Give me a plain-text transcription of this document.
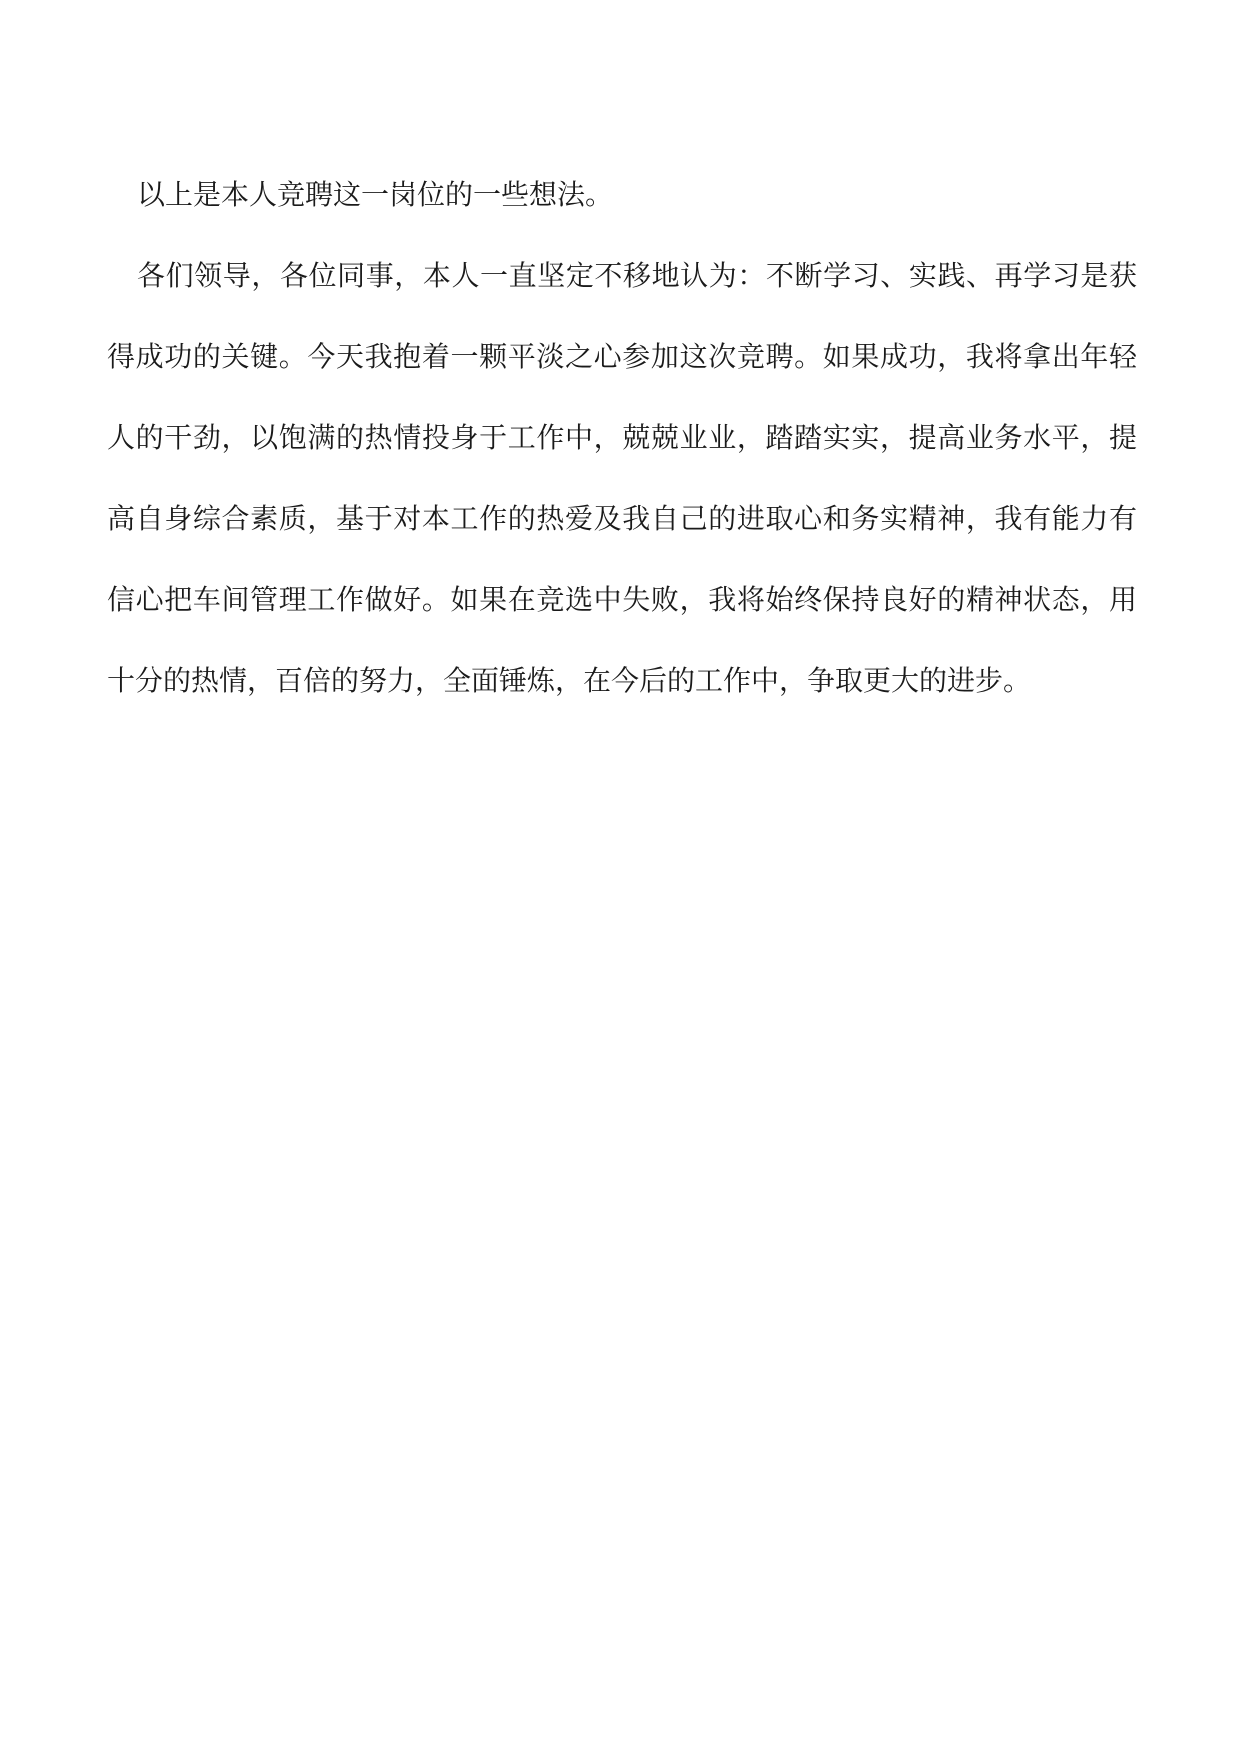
以上是本人竞聘这一岗位的一些想法。

各们领导，各位同事，本人一直坚定不移地认为：不断学习、实践、再学习是获得成功的关键。今天我抱着一颗平淡之心参加这次竞聘。如果成功，我将拿出年轻人的干劲，以饱满的热情投身于工作中，兢兢业业，踏踏实实，提高业务水平，提高自身综合素质，基于对本工作的热爱及我自己的进取心和务实精神，我有能力有信心把车间管理工作做好。如果在竞选中失败，我将始终保持良好的精神状态，用十分的热情，百倍的努力，全面锤炼，在今后的工作中，争取更大的进步。
